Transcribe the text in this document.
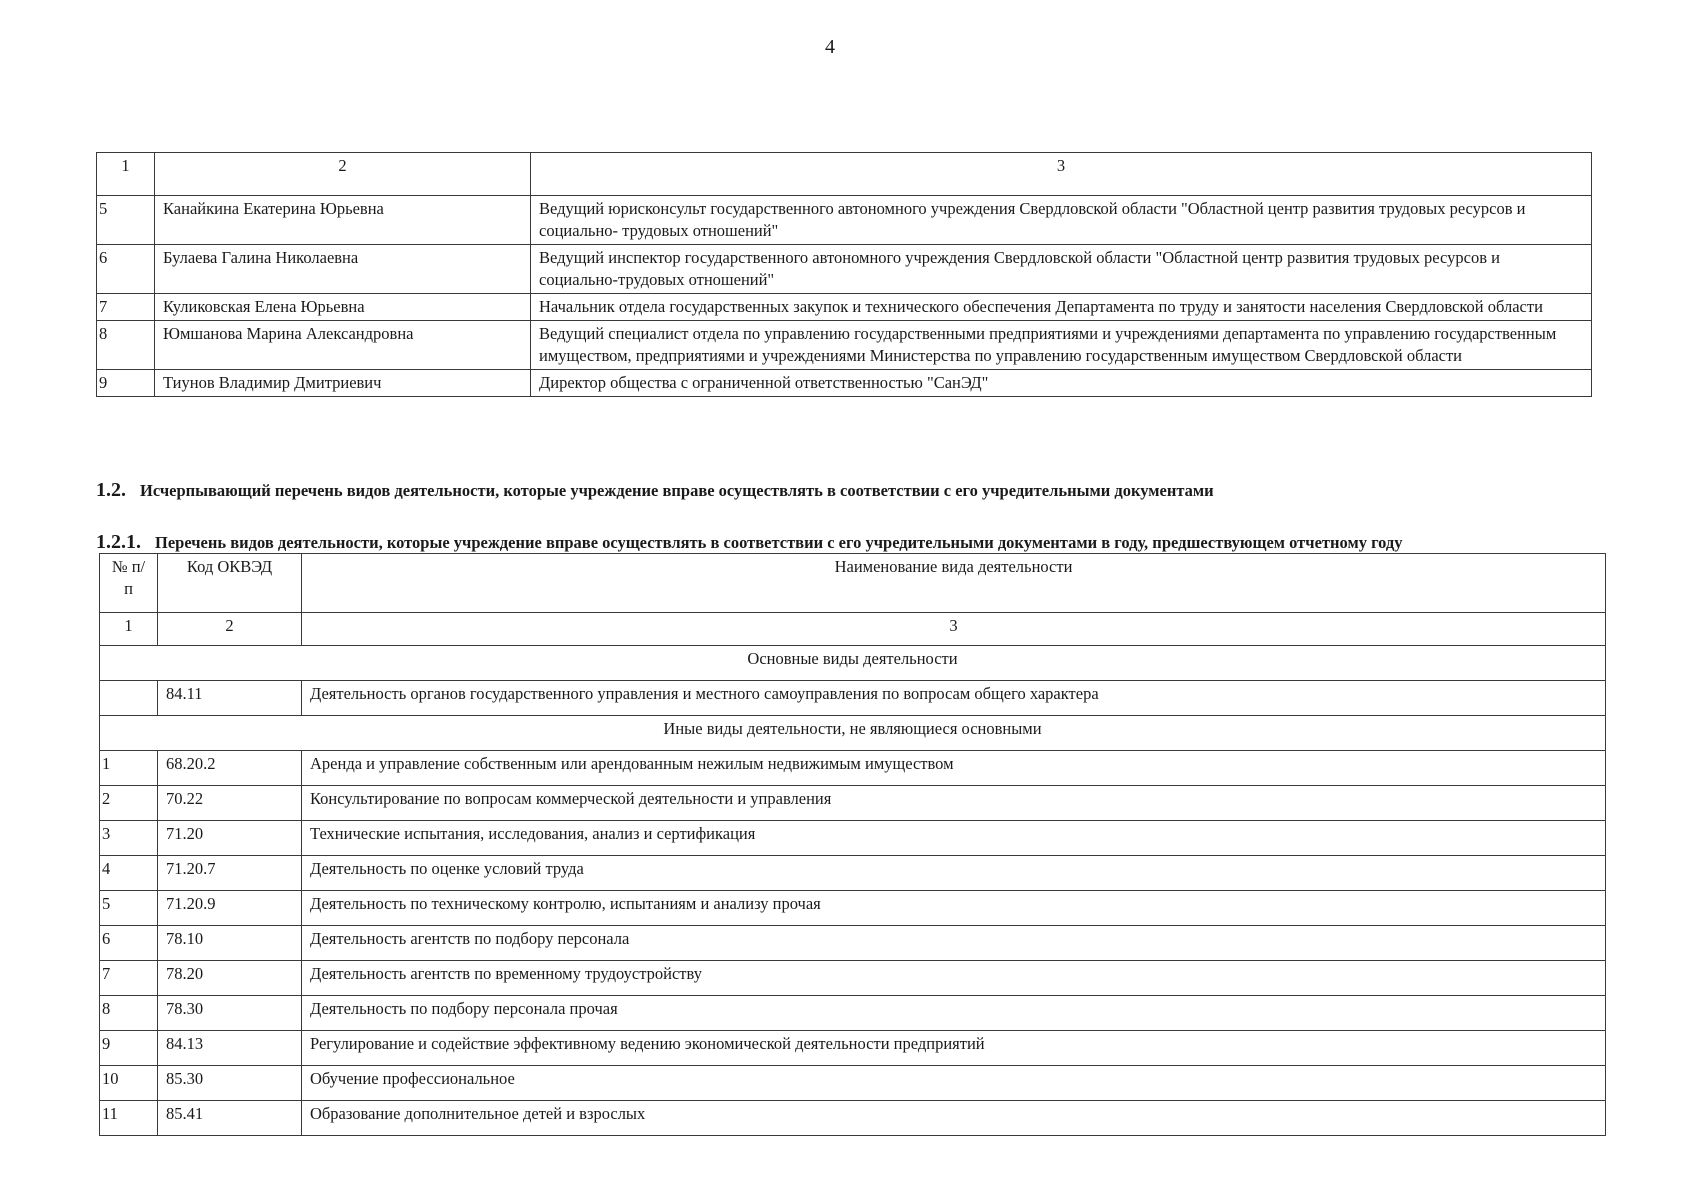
4
1	2	3
5	Канайкина Екатерина Юрьевна	Ведущий юрисконсульт государственного автономного учреждения Свердловской области "Областной центр развития трудовых ресурсов и социально- трудовых отношений"
6	Булаева Галина Николаевна	Ведущий инспектор государственного автономного учреждения Свердловской области "Областной центр развития трудовых ресурсов и социально-трудовых отношений"
7	Куликовская Елена Юрьевна	Начальник отдела государственных закупок и технического обеспечения Департамента по труду и занятости населения Свердловской области
8	Юмшанова Марина Александровна	Ведущий специалист отдела по управлению государственными предприятиями и учреждениями департамента по управлению государственным имуществом, предприятиями и учреждениями Министерства по управлению государственным имуществом Свердловской области
9	Тиунов Владимир Дмитриевич	Директор общества с ограниченной ответственностью "СанЭД"
1.2. Исчерпывающий перечень видов деятельности, которые учреждение вправе осуществлять в соответствии с его учредительными документами
1.2.1. Перечень видов деятельности, которые учреждение вправе осуществлять в соответствии с его учредительными документами в году, предшествующем отчетному году
№ п/п	Код ОКВЭД	Наименование вида деятельности
1	2	3
Основные виды деятельности		
	84.11	Деятельность органов государственного управления и местного самоуправления по вопросам общего характера
Иные виды деятельности, не являющиеся основными		
1	68.20.2	Аренда и управление собственным или арендованным нежилым недвижимым имуществом
2	70.22	Консультирование по вопросам коммерческой деятельности и управления
3	71.20	Технические испытания, исследования, анализ и сертификация
4	71.20.7	Деятельность по оценке условий труда
5	71.20.9	Деятельность по техническому контролю, испытаниям и анализу прочая
6	78.10	Деятельность агентств по подбору персонала
7	78.20	Деятельность агентств по временному трудоустройству
8	78.30	Деятельность по подбору персонала прочая
9	84.13	Регулирование и содействие эффективному ведению экономической деятельности предприятий
10	85.30	Обучение профессиональное
11	85.41	Образование дополнительное детей и взрослых
